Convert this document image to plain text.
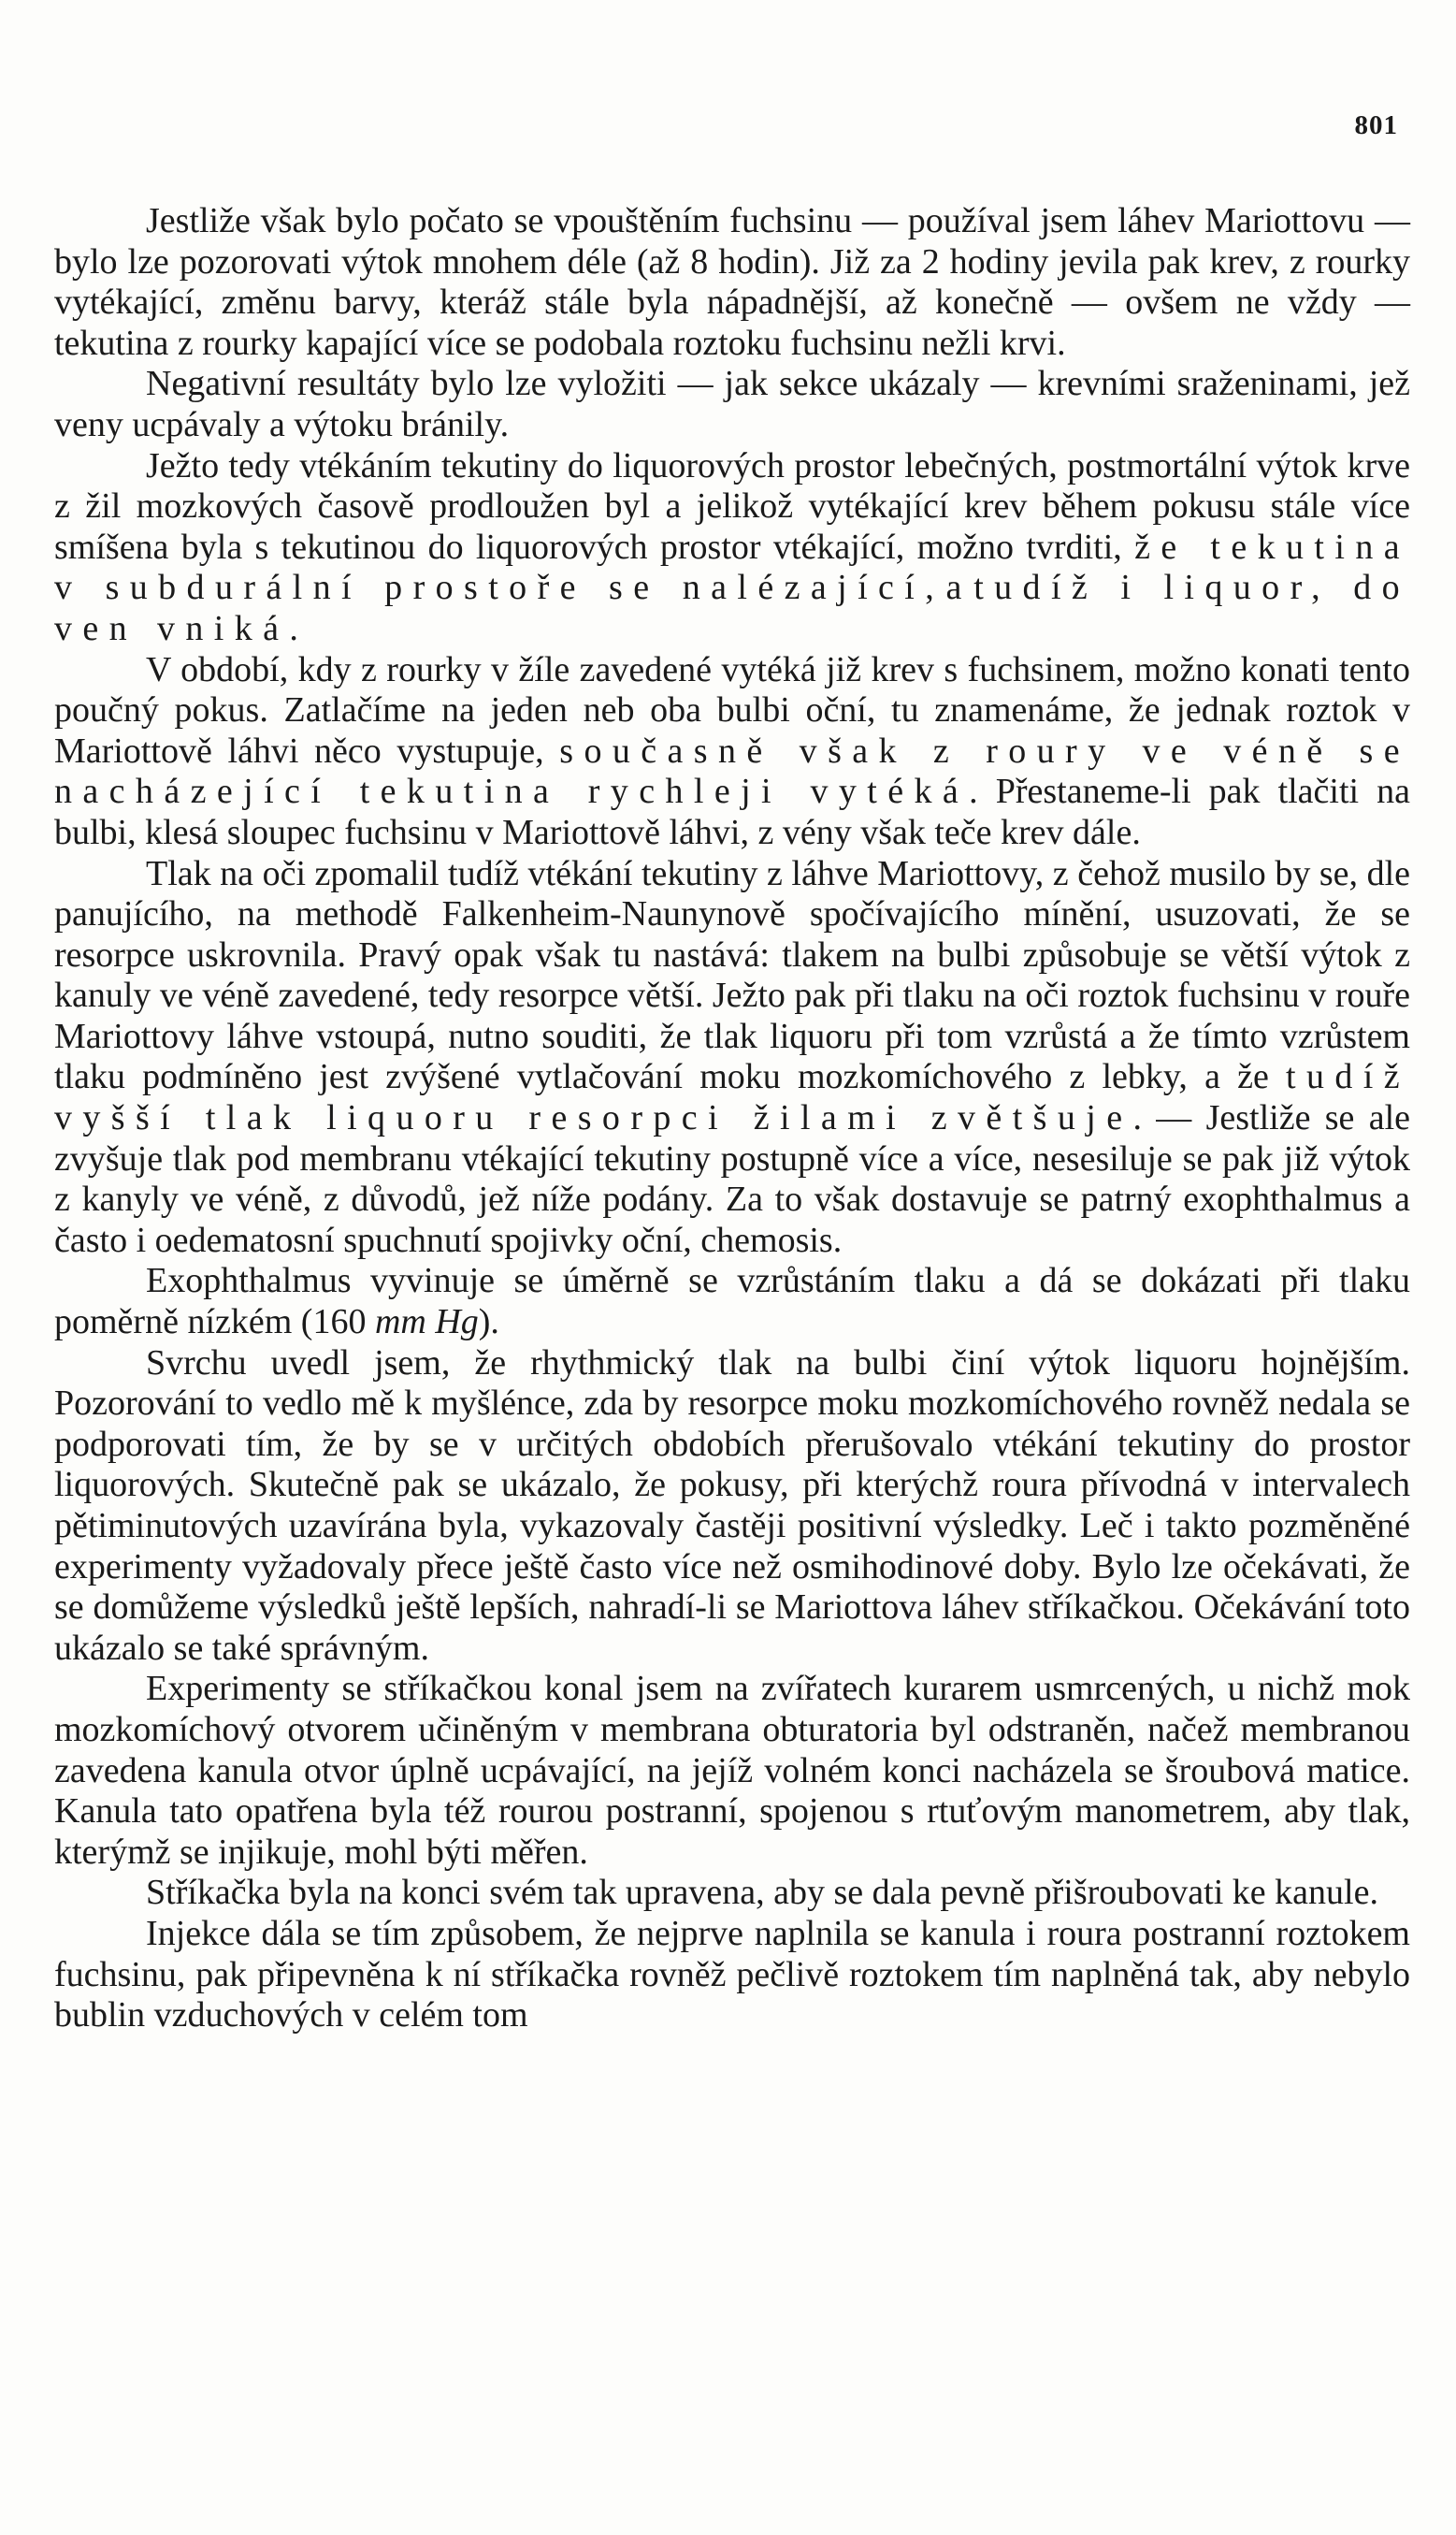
801

Jestliže však bylo počato se vpouštěním fuchsinu — používal jsem láhev Mariottovu — bylo lze pozorovati výtok mnohem déle (až 8 hodin). Již za 2 hodiny jevila pak krev, z rourky vytékající, změnu barvy, kteráž stále byla nápadnější, až konečně — ovšem ne vždy — tekutina z rourky kapající více se podobala roztoku fuchsinu nežli krvi.

Negativní resultáty bylo lze vyložiti — jak sekce ukázaly — krevními sraženinami, jež veny ucpávaly a výtoku bránily.

Ježto tedy vtékáním tekutiny do liquorových prostor lebečných, postmortální výtok krve z žil mozkových časově prodloužen byl a jelikož vytékající krev během pokusu stále více smíšena byla s tekutinou do liquorových prostor vtékající, možno tvrditi, že tekutina v subdurální prostoře se nalézající, a tudíž i liquor, do ven vniká.

V období, kdy z rourky v žíle zavedené vytéká již krev s fuchsinem, možno konati tento poučný pokus. Zatlačíme na jeden neb oba bulbi oční, tu znamenáme, že jednak roztok v Mariottově láhvi něco vystupuje, současně však z roury ve véně se nacházející tekutina rychleji vytéká. Přestaneme-li pak tlačiti na bulbi, klesá sloupec fuchsinu v Mariottově láhvi, z vény však teče krev dále.

Tlak na oči zpomalil tudíž vtékání tekutiny z láhve Mariottovy, z čehož musilo by se, dle panujícího, na methodě Falkenheim-Naunynově spočívajícího mínění, usuzovati, že se resorpce uskrovnila. Pravý opak však tu nastává: tlakem na bulbi způsobuje se větší výtok z kanuly ve véně zavedené, tedy resorpce větší. Ježto pak při tlaku na oči roztok fuchsinu v rouře Mariottovy láhve vstoupá, nutno souditi, že tlak liquoru při tom vzrůstá a že tímto vzrůstem tlaku podmíněno jest zvýšené vytlačování moku mozkomíchového z lebky, a že tudíž vyšší tlak liquoru resorpci žilami zvětšuje. — Jestliže se ale zvyšuje tlak pod membranu vtékající tekutiny postupně více a více, nesesiluje se pak již výtok z kanyly ve véně, z důvodů, jež níže podány. Za to však dostavuje se patrný exophthalmus a často i oedematosní spuchnutí spojivky oční, chemosis.

Exophthalmus vyvinuje se úměrně se vzrůstáním tlaku a dá se dokázati při tlaku poměrně nízkém (160 mm Hg).

Svrchu uvedl jsem, že rhythmický tlak na bulbi činí výtok liquoru hojnějším. Pozorování to vedlo mě k myšlénce, zda by resorpce moku mozkomíchového rovněž nedala se podporovati tím, že by se v určitých obdobích přerušovalo vtékání tekutiny do prostor liquorových. Skutečně pak se ukázalo, že pokusy, při kterýchž roura přívodná v intervalech pětiminutových uzavírána byla, vykazovaly častěji positivní výsledky. Leč i takto pozměněné experimenty vyžadovaly přece ještě často více než osmihodinové doby. Bylo lze očekávati, že se domůžeme výsledků ještě lepších, nahradí-li se Mariottova láhev stříkačkou. Očekávání toto ukázalo se také správným.

Experimenty se stříkačkou konal jsem na zvířatech kurarem usmrcených, u nichž mok mozkomíchový otvorem učiněným v membrana obturatoria byl odstraněn, načež membranou zavedena kanula otvor úplně ucpávající, na jejíž volném konci nacházela se šroubová matice. Kanula tato opatřena byla též rourou postranní, spojenou s rtuťovým manometrem, aby tlak, kterýmž se injikuje, mohl býti měřen.

Stříkačka byla na konci svém tak upravena, aby se dala pevně přišroubovati ke kanule.

Injekce dála se tím způsobem, že nejprve naplnila se kanula i roura postranní roztokem fuchsinu, pak připevněna k ní stříkačka rovněž pečlivě roztokem tím naplněná tak, aby nebylo bublin vzduchových v celém tom
